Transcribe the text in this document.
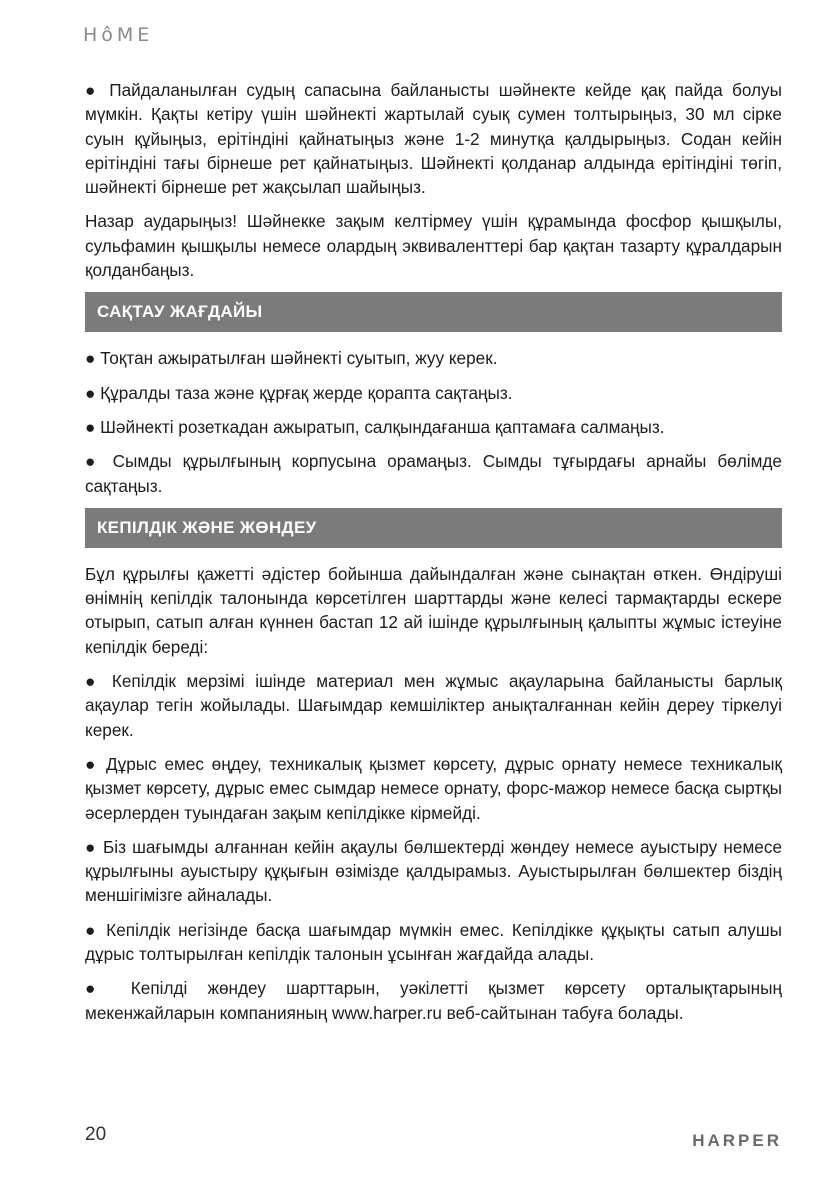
HôME

● Пайдаланылған судың сапасына байланысты шәйнекте кейде қақ пайда болуы мүмкін. Қақты кетіру үшін шәйнекті жартылай суық сумен толтырыңыз, 30 мл сірке суын құйыңыз, ерітіндіні қайнатыңыз және 1-2 минутқа қалдырыңыз. Содан кейін ерітіндіні тағы бірнеше рет қайнатыңыз. Шәйнекті қолданар алдында ерітіндіні төгіп, шәйнекті бірнеше рет жақсылап шайыңыз.

Назар аударыңыз! Шәйнекке зақым келтірмеу үшін құрамында фосфор қышқылы, сульфамин қышқылы немесе олардың эквиваленттері бар қақтан тазарту құралдарын қолданбаңыз.

САҚТАУ ЖАҒДАЙЫ

● Тоқтан ажыратылған шәйнекті суытып, жуу керек.

● Құралды таза және құрғақ жерде қорапта сақтаңыз.

● Шәйнекті розеткадан ажыратып, салқындағанша қаптамаға салмаңыз.

● Сымды құрылғының корпусына орамаңыз. Сымды тұғырдағы арнайы бөлімде сақтаңыз.

КЕПІЛДІК ЖӘНЕ ЖӨНДЕУ

Бұл құрылғы қажетті әдістер бойынша дайындалған және сынақтан өткен. Өндіруші өнімнің кепілдік талонында көрсетілген шарттарды және келесі тармақтарды ескере отырып, сатып алған күннен бастап 12 ай ішінде құрылғының қалыпты жұмыс істеуіне кепілдік береді:

● Кепілдік мерзімі ішінде материал мен жұмыс ақауларына байланысты барлық ақаулар тегін жойылады. Шағымдар кемшіліктер анықталғаннан кейін дереу тіркелуі керек.

● Дұрыс емес өңдеу, техникалық қызмет көрсету, дұрыс орнату немесе техникалық қызмет көрсету, дұрыс емес сымдар немесе орнату, форс-мажор немесе басқа сыртқы әсерлерден туындаған зақым кепілдікке кірмейді.

● Біз шағымды алғаннан кейін ақаулы бөлшектерді жөндеу немесе ауыстыру немесе құрылғыны ауыстыру құқығын өзімізде қалдырамыз. Ауыстырылған бөлшектер біздің меншігімізге айналады.

● Кепілдік негізінде басқа шағымдар мүмкін емес. Кепілдікке құқықты сатып алушы дұрыс толтырылған кепілдік талонын ұсынған жағдайда алады.

● Кепілді жөндеу шарттарын, уәкілетті қызмет көрсету орталықтарының мекенжайларын компанияның www.harper.ru веб-сайтынан табуға болады.

20	HARPER
